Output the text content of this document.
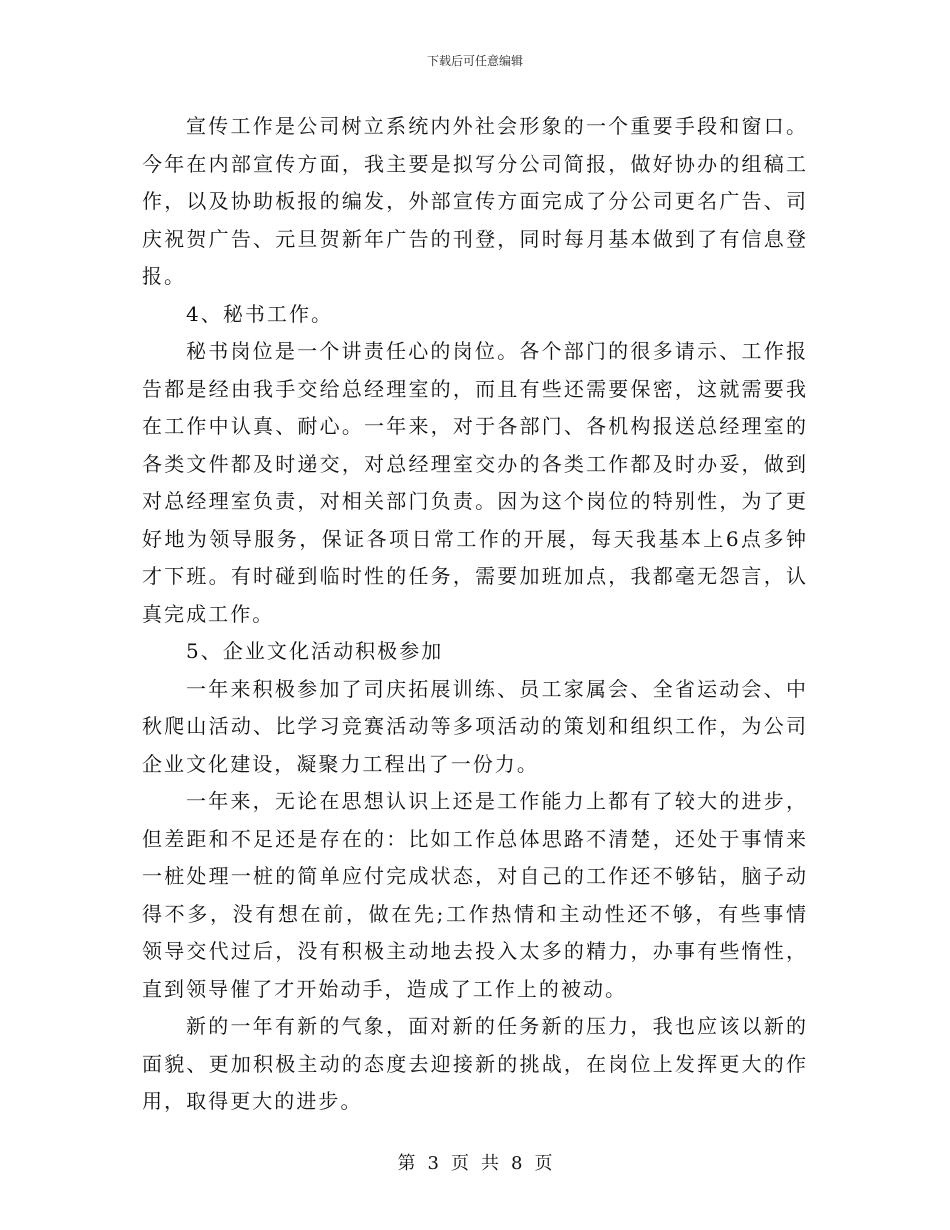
下载后可任意编辑

宣传工作是公司树立系统内外社会形象的一个重要手段和窗口。今年在内部宣传方面，我主要是拟写分公司简报，做好协办的组稿工作，以及协助板报的编发，外部宣传方面完成了分公司更名广告、司庆祝贺广告、元旦贺新年广告的刊登，同时每月基本做到了有信息登报。

4、秘书工作。

秘书岗位是一个讲责任心的岗位。各个部门的很多请示、工作报告都是经由我手交给总经理室的，而且有些还需要保密，这就需要我在工作中认真、耐心。一年来，对于各部门、各机构报送总经理室的各类文件都及时递交，对总经理室交办的各类工作都及时办妥，做到对总经理室负责，对相关部门负责。因为这个岗位的特别性，为了更好地为领导服务，保证各项日常工作的开展，每天我基本上6点多钟才下班。有时碰到临时性的任务，需要加班加点，我都毫无怨言，认真完成工作。

5、企业文化活动积极参加

一年来积极参加了司庆拓展训练、员工家属会、全省运动会、中秋爬山活动、比学习竞赛活动等多项活动的策划和组织工作，为公司企业文化建设，凝聚力工程出了一份力。

一年来，无论在思想认识上还是工作能力上都有了较大的进步，但差距和不足还是存在的：比如工作总体思路不清楚，还处于事情来一桩处理一桩的简单应付完成状态，对自己的工作还不够钻，脑子动得不多，没有想在前，做在先;工作热情和主动性还不够，有些事情领导交代过后，没有积极主动地去投入太多的精力，办事有些惰性，直到领导催了才开始动手，造成了工作上的被动。

新的一年有新的气象，面对新的任务新的压力，我也应该以新的面貌、更加积极主动的态度去迎接新的挑战，在岗位上发挥更大的作用，取得更大的进步。

第 3 页 共 8 页
